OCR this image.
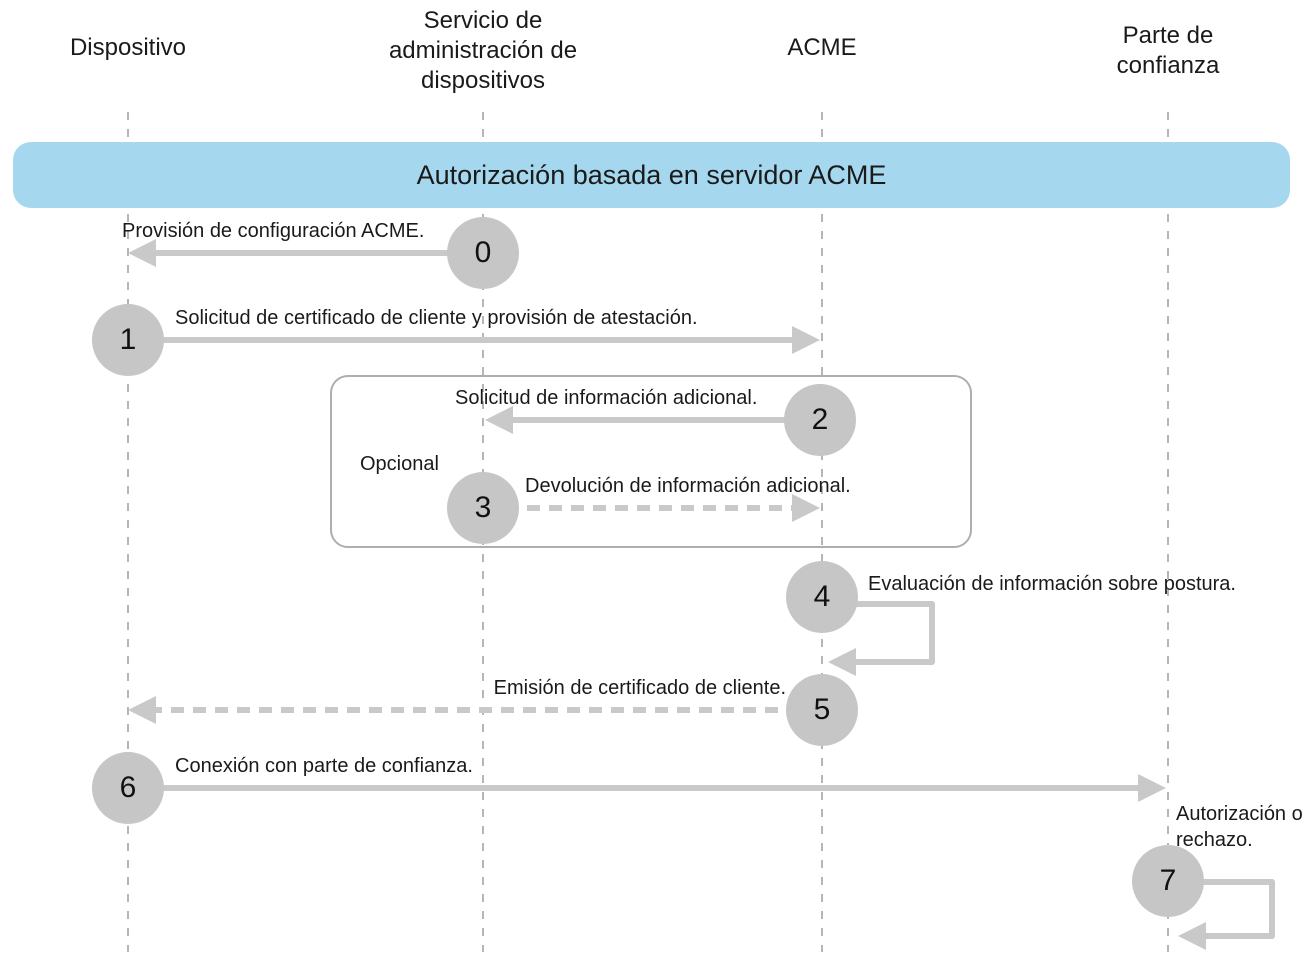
Dispositivo
Servicio de administración de dispositivos
ACME	Parte de confianza
Autorización basada en servidor ACME
Opcional
0
1
2
3
4
5
6
7
Provisión de configuración ACME.
Solicitud de certificado de cliente y provisión de atestación.
Solicitud de información adicional.
Devolución de información adicional.
Evaluación de información sobre postura.
Emisión de certificado de cliente.
Conexión con parte de confianza.
Autorización o rechazo.
